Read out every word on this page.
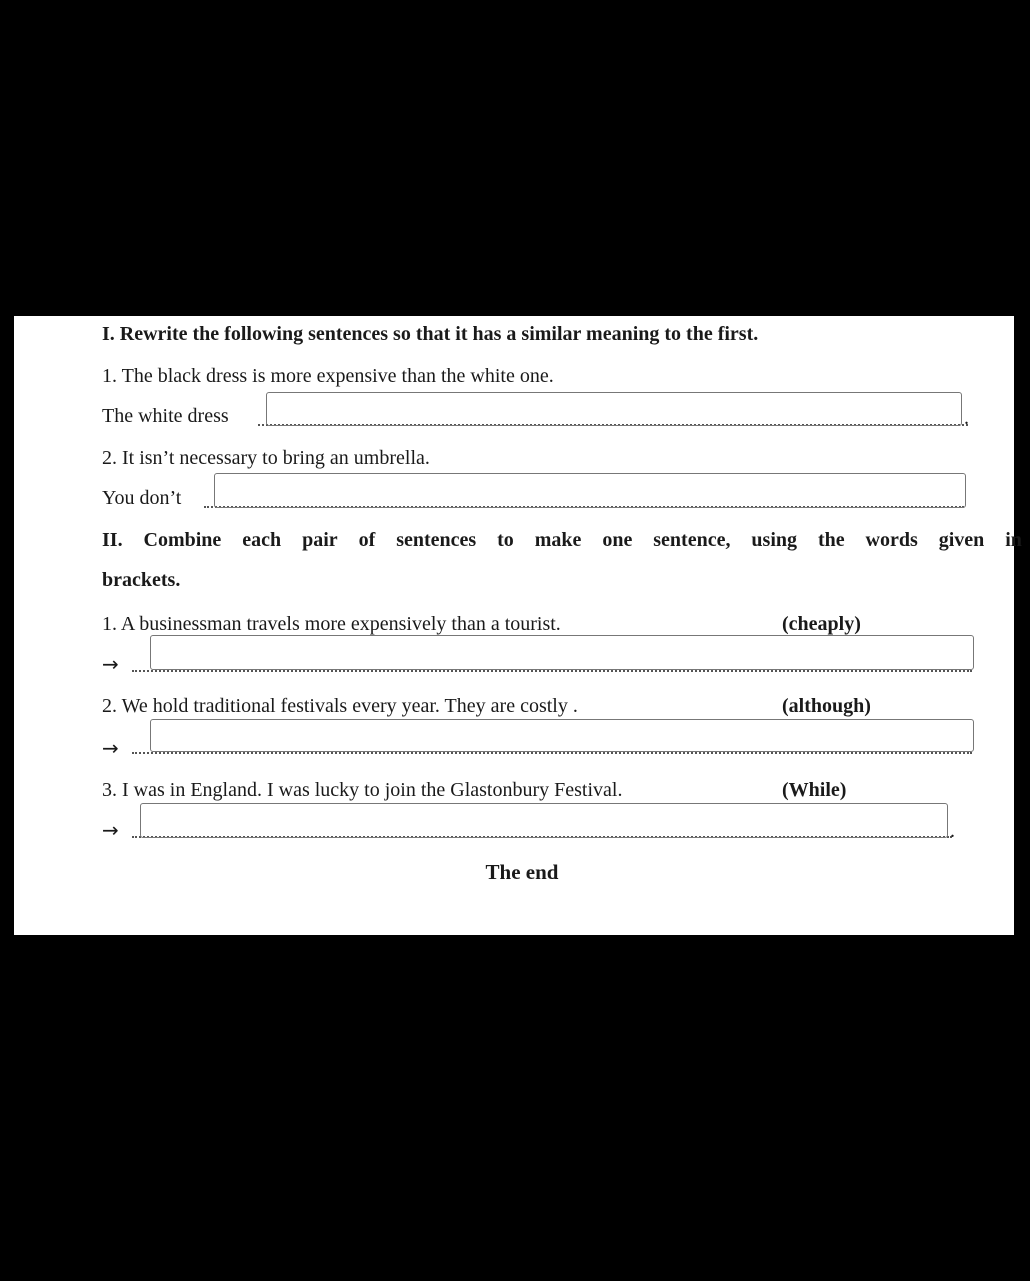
I. Rewrite the following sentences so that it has a similar meaning to the first.
1. The black dress is more expensive than the white one.
The white dress	.
2. It isn’t necessary to bring an umbrella.
You don’t
II. Combine each pair of sentences to make one sentence, using the words given in
brackets.
1. A businessman travels more expensively than a tourist.	(cheaply)
→
2. We hold traditional festivals every year. They are costly .	(although)
→
3. I was in England. I was lucky to join the Glastonbury Festival.	(While)
→	.
The end
